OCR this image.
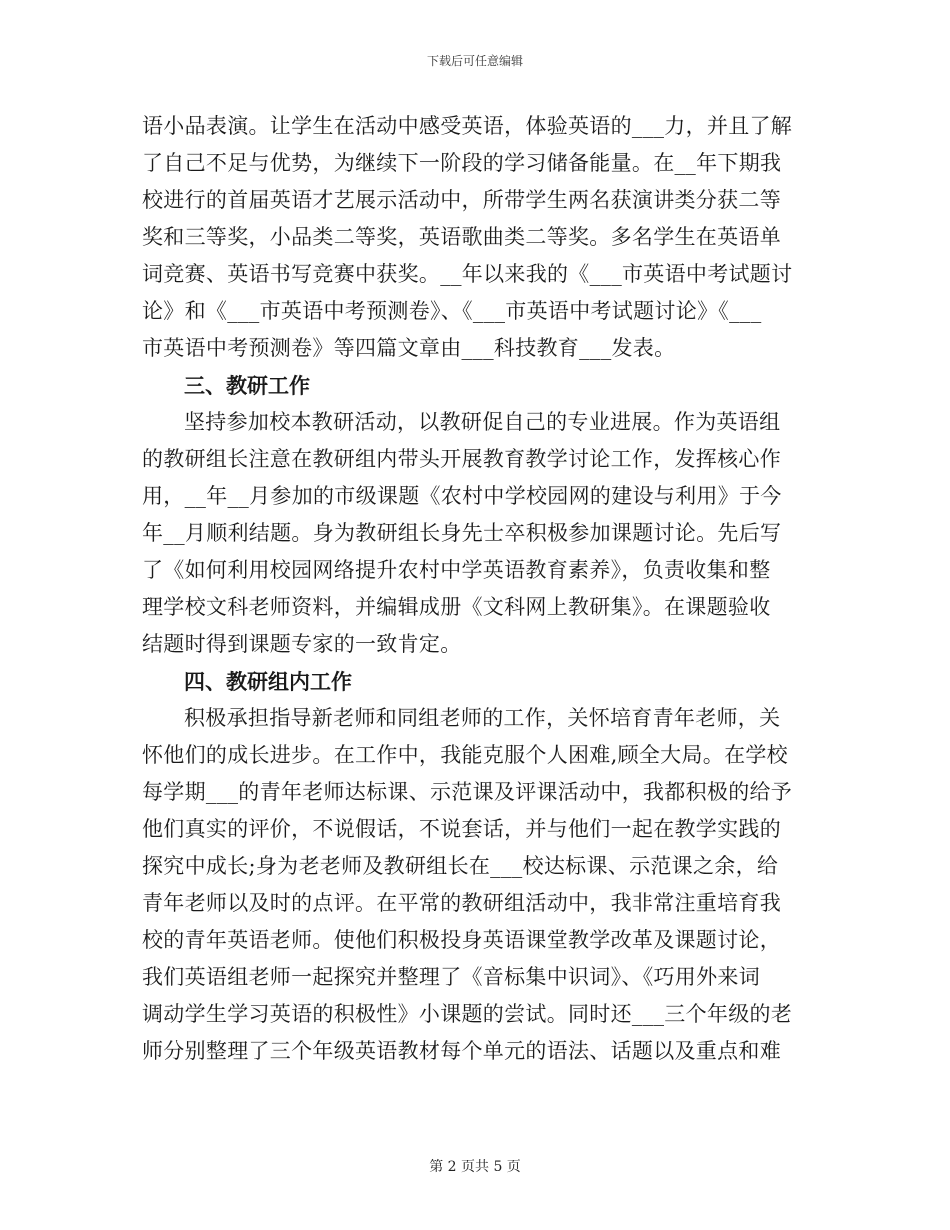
下载后可任意编辑
语小品表演。让学生在活动中感受英语，体验英语的___力，并且了解
了自己不足与优势，为继续下一阶段的学习储备能量。在__年下期我
校进行的首届英语才艺展示活动中，所带学生两名获演讲类分获二等
奖和三等奖，小品类二等奖，英语歌曲类二等奖。多名学生在英语单
词竞赛、英语书写竞赛中获奖。__年以来我的《___市英语中考试题讨
论》和《___市英语中考预测卷》、《___市英语中考试题讨论》《___
市英语中考预测卷》等四篇文章由___科技教育___发表。
三、教研工作
坚持参加校本教研活动，以教研促自己的专业进展。作为英语组
的教研组长注意在教研组内带头开展教育教学讨论工作，发挥核心作
用，__年__月参加的市级课题《农村中学校园网的建设与利用》于今
年__月顺利结题。身为教研组长身先士卒积极参加课题讨论。先后写
了《如何利用校园网络提升农村中学英语教育素养》，负责收集和整
理学校文科老师资料，并编辑成册《文科网上教研集》。在课题验收
结题时得到课题专家的一致肯定。
四、教研组内工作
积极承担指导新老师和同组老师的工作，关怀培育青年老师，关
怀他们的成长进步。在工作中，我能克服个人困难,顾全大局。在学校
每学期___的青年老师达标课、示范课及评课活动中，我都积极的给予
他们真实的评价，不说假话，不说套话，并与他们一起在教学实践的
探究中成长;身为老老师及教研组长在___校达标课、示范课之余，给
青年老师以及时的点评。在平常的教研组活动中，我非常注重培育我
校的青年英语老师。使他们积极投身英语课堂教学改革及课题讨论，
我们英语组老师一起探究并整理了《音标集中识词》、《巧用外来词
调动学生学习英语的积极性》小课题的尝试。同时还___三个年级的老
师分别整理了三个年级英语教材每个单元的语法、话题以及重点和难
第 2 页共 5 页
